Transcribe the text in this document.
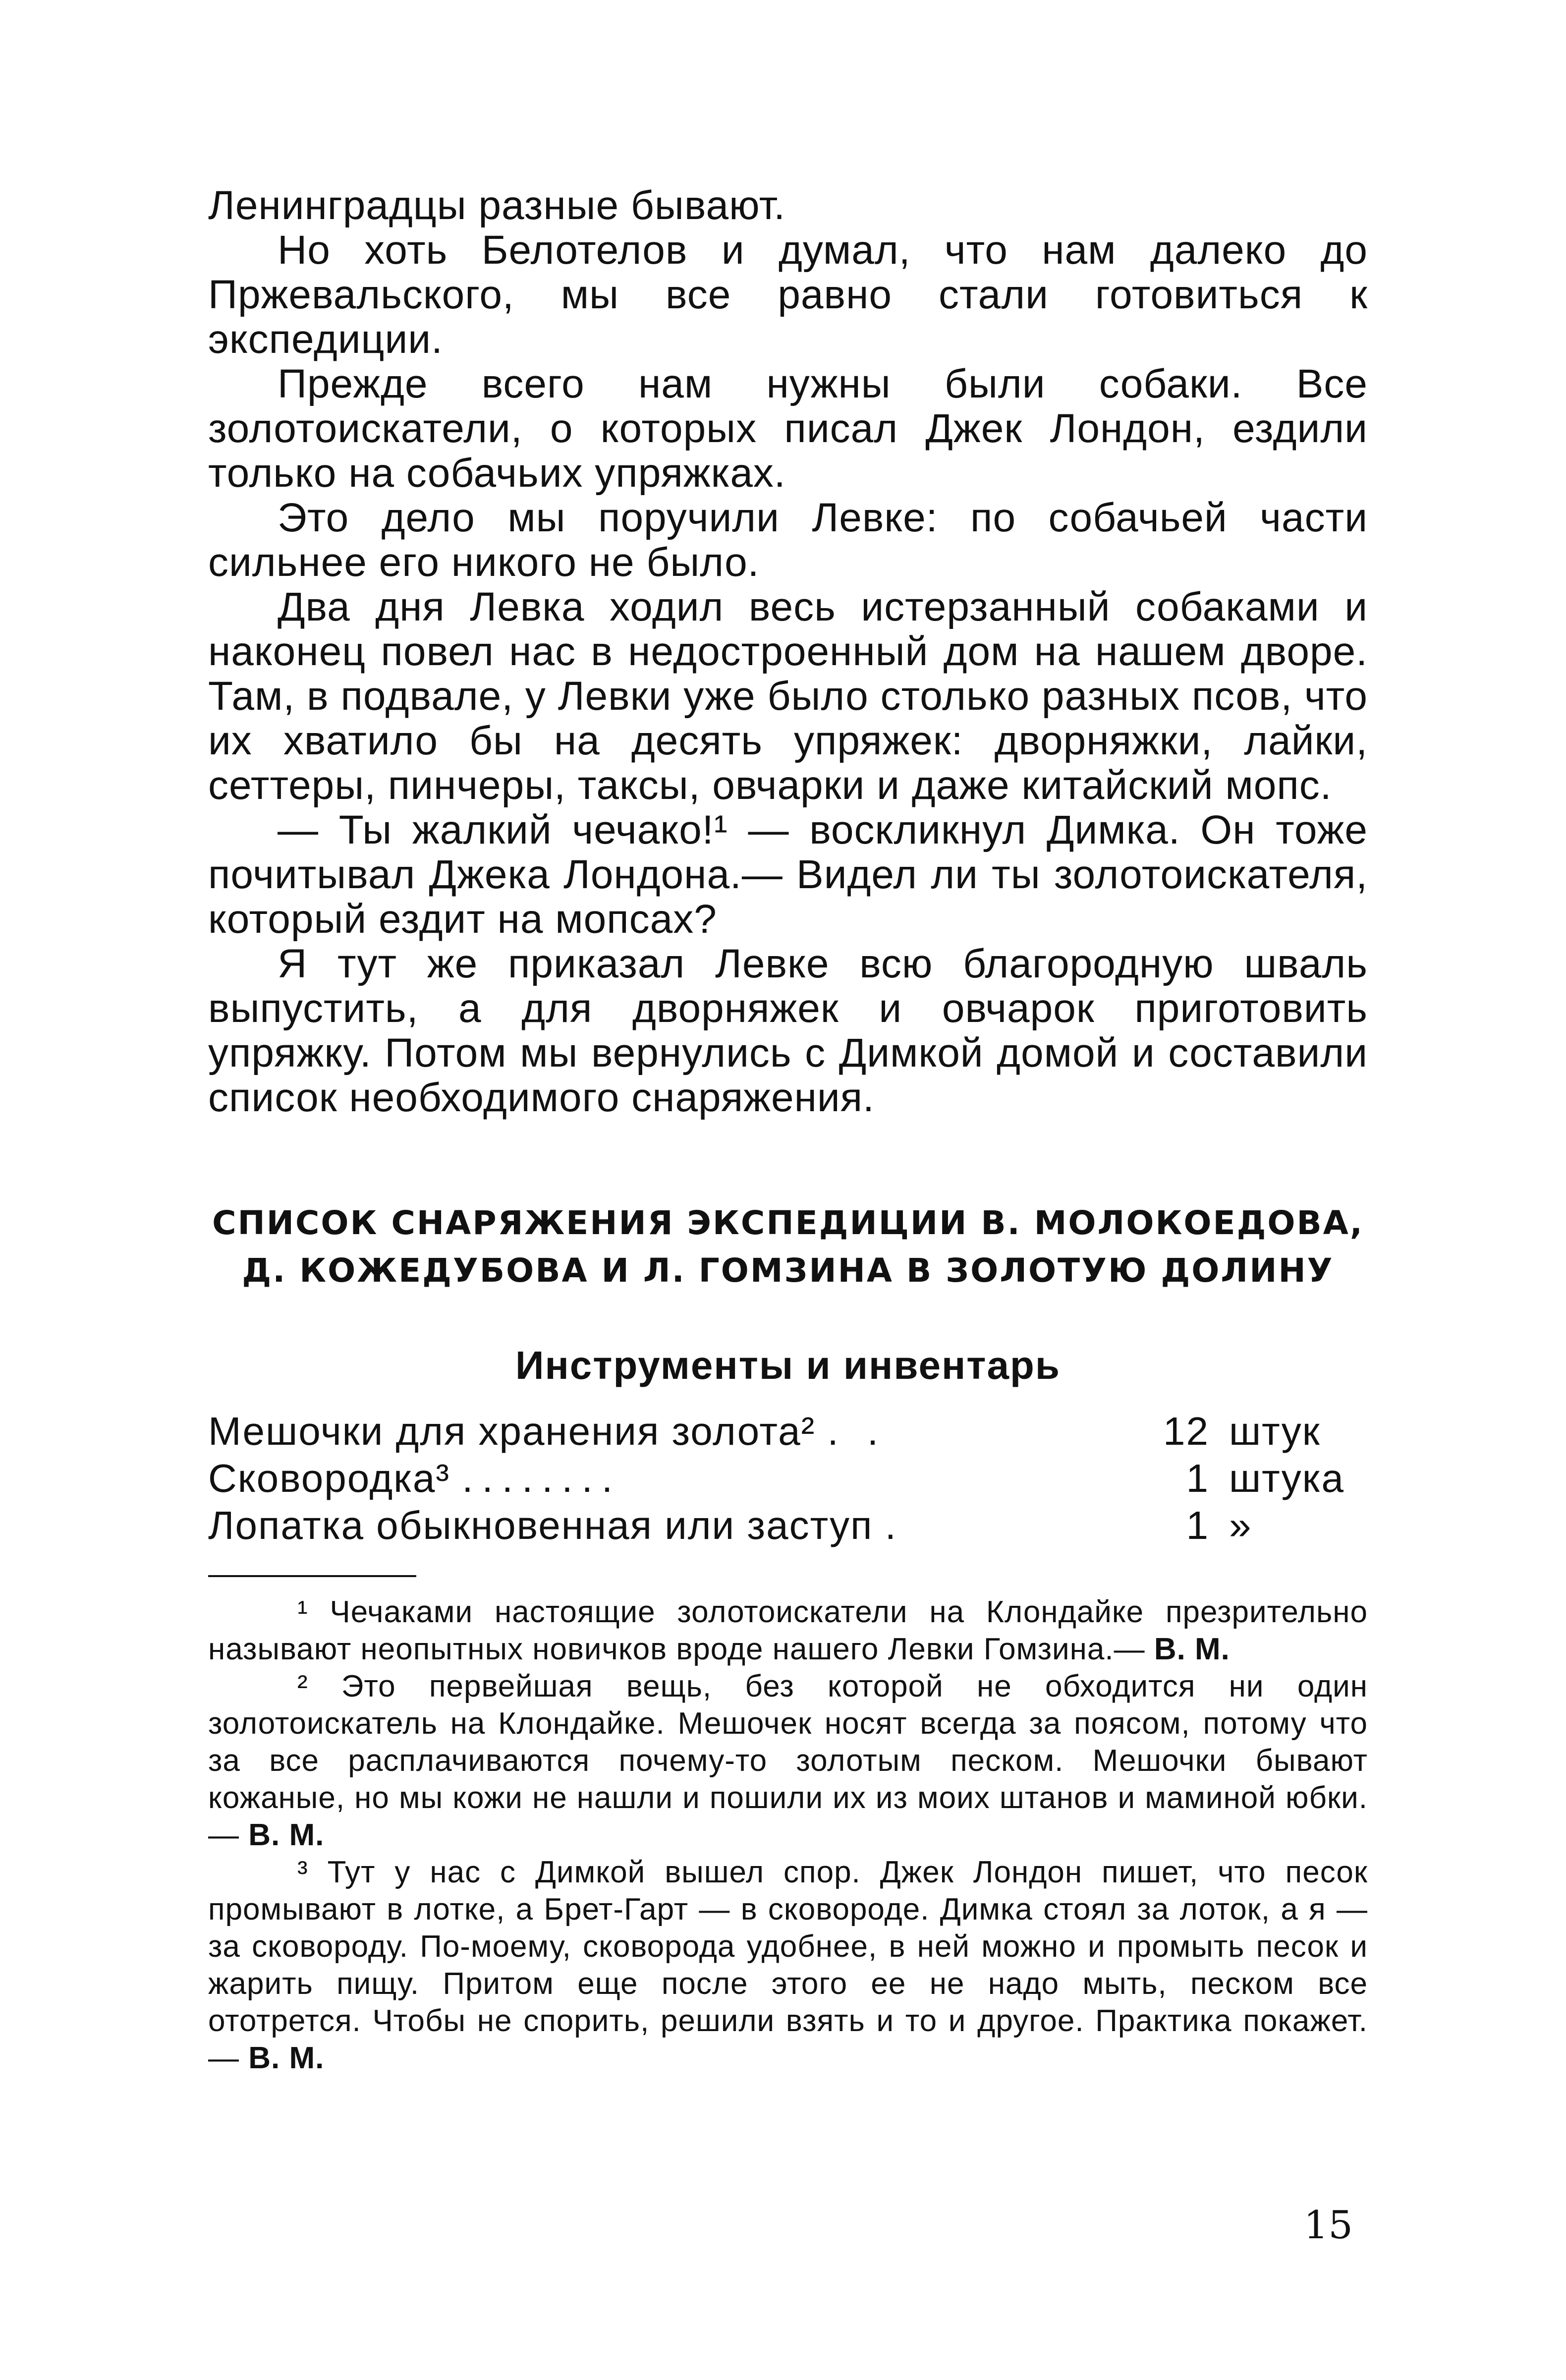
Ленинградцы разные бывают.

Но хоть Белотелов и думал, что нам далеко до Пржевальского, мы все равно стали готовиться к экспедиции.

Прежде всего нам нужны были собаки. Все золотоискатели, о которых писал Джек Лондон, ездили только на собачьих упряжках.

Это дело мы поручили Левке: по собачьей части сильнее его никого не было.

Два дня Левка ходил весь истерзанный собаками и наконец повел нас в недостроенный дом на нашем дворе. Там, в подвале, у Левки уже было столько разных псов, что их хватило бы на десять упряжек: дворняжки, лайки, сеттеры, пинчеры, таксы, овчарки и даже китайский мопс.

— Ты жалкий чечако!¹ — воскликнул Димка. Он тоже почитывал Джека Лондона.— Видел ли ты золотоискателя, который ездит на мопсах?

Я тут же приказал Левке всю благородную шваль выпустить, а для дворняжек и овчарок приготовить упряжку. Потом мы вернулись с Димкой домой и составили список необходимого снаряжения.

СПИСОК СНАРЯЖЕНИЯ ЭКСПЕДИЦИИ В. МОЛОКОЕДОВА,
Д. КОЖЕДУБОВА И Л. ГОМЗИНА В ЗОЛОТУЮ ДОЛИНУ
Инструменты и инвентарь
Мешочки для хранения золота² . .	12 штук
Сковородка³ ........	1 штука
Лопатка обыкновенная или заступ .	1 »

¹ Чечаками настоящие золотоискатели на Клондайке презрительно называют неопытных новичков вроде нашего Левки Гомзина.— В. М.

² Это первейшая вещь, без которой не обходится ни один золотоискатель на Клондайке. Мешочек носят всегда за поясом, потому что за все расплачиваются почему-то золотым песком. Мешочки бывают кожаные, но мы кожи не нашли и пошили их из моих штанов и маминой юбки.— В. М.

³ Тут у нас с Димкой вышел спор. Джек Лондон пишет, что песок промывают в лотке, а Брет-Гарт — в сковороде. Димка стоял за лоток, а я — за сковороду. По-моему, сковорода удобнее, в ней можно и промыть песок и жарить пищу. Притом еще после этого ее не надо мыть, песком все ототрется. Чтобы не спорить, решили взять и то и другое. Практика покажет.— В. М.

15
